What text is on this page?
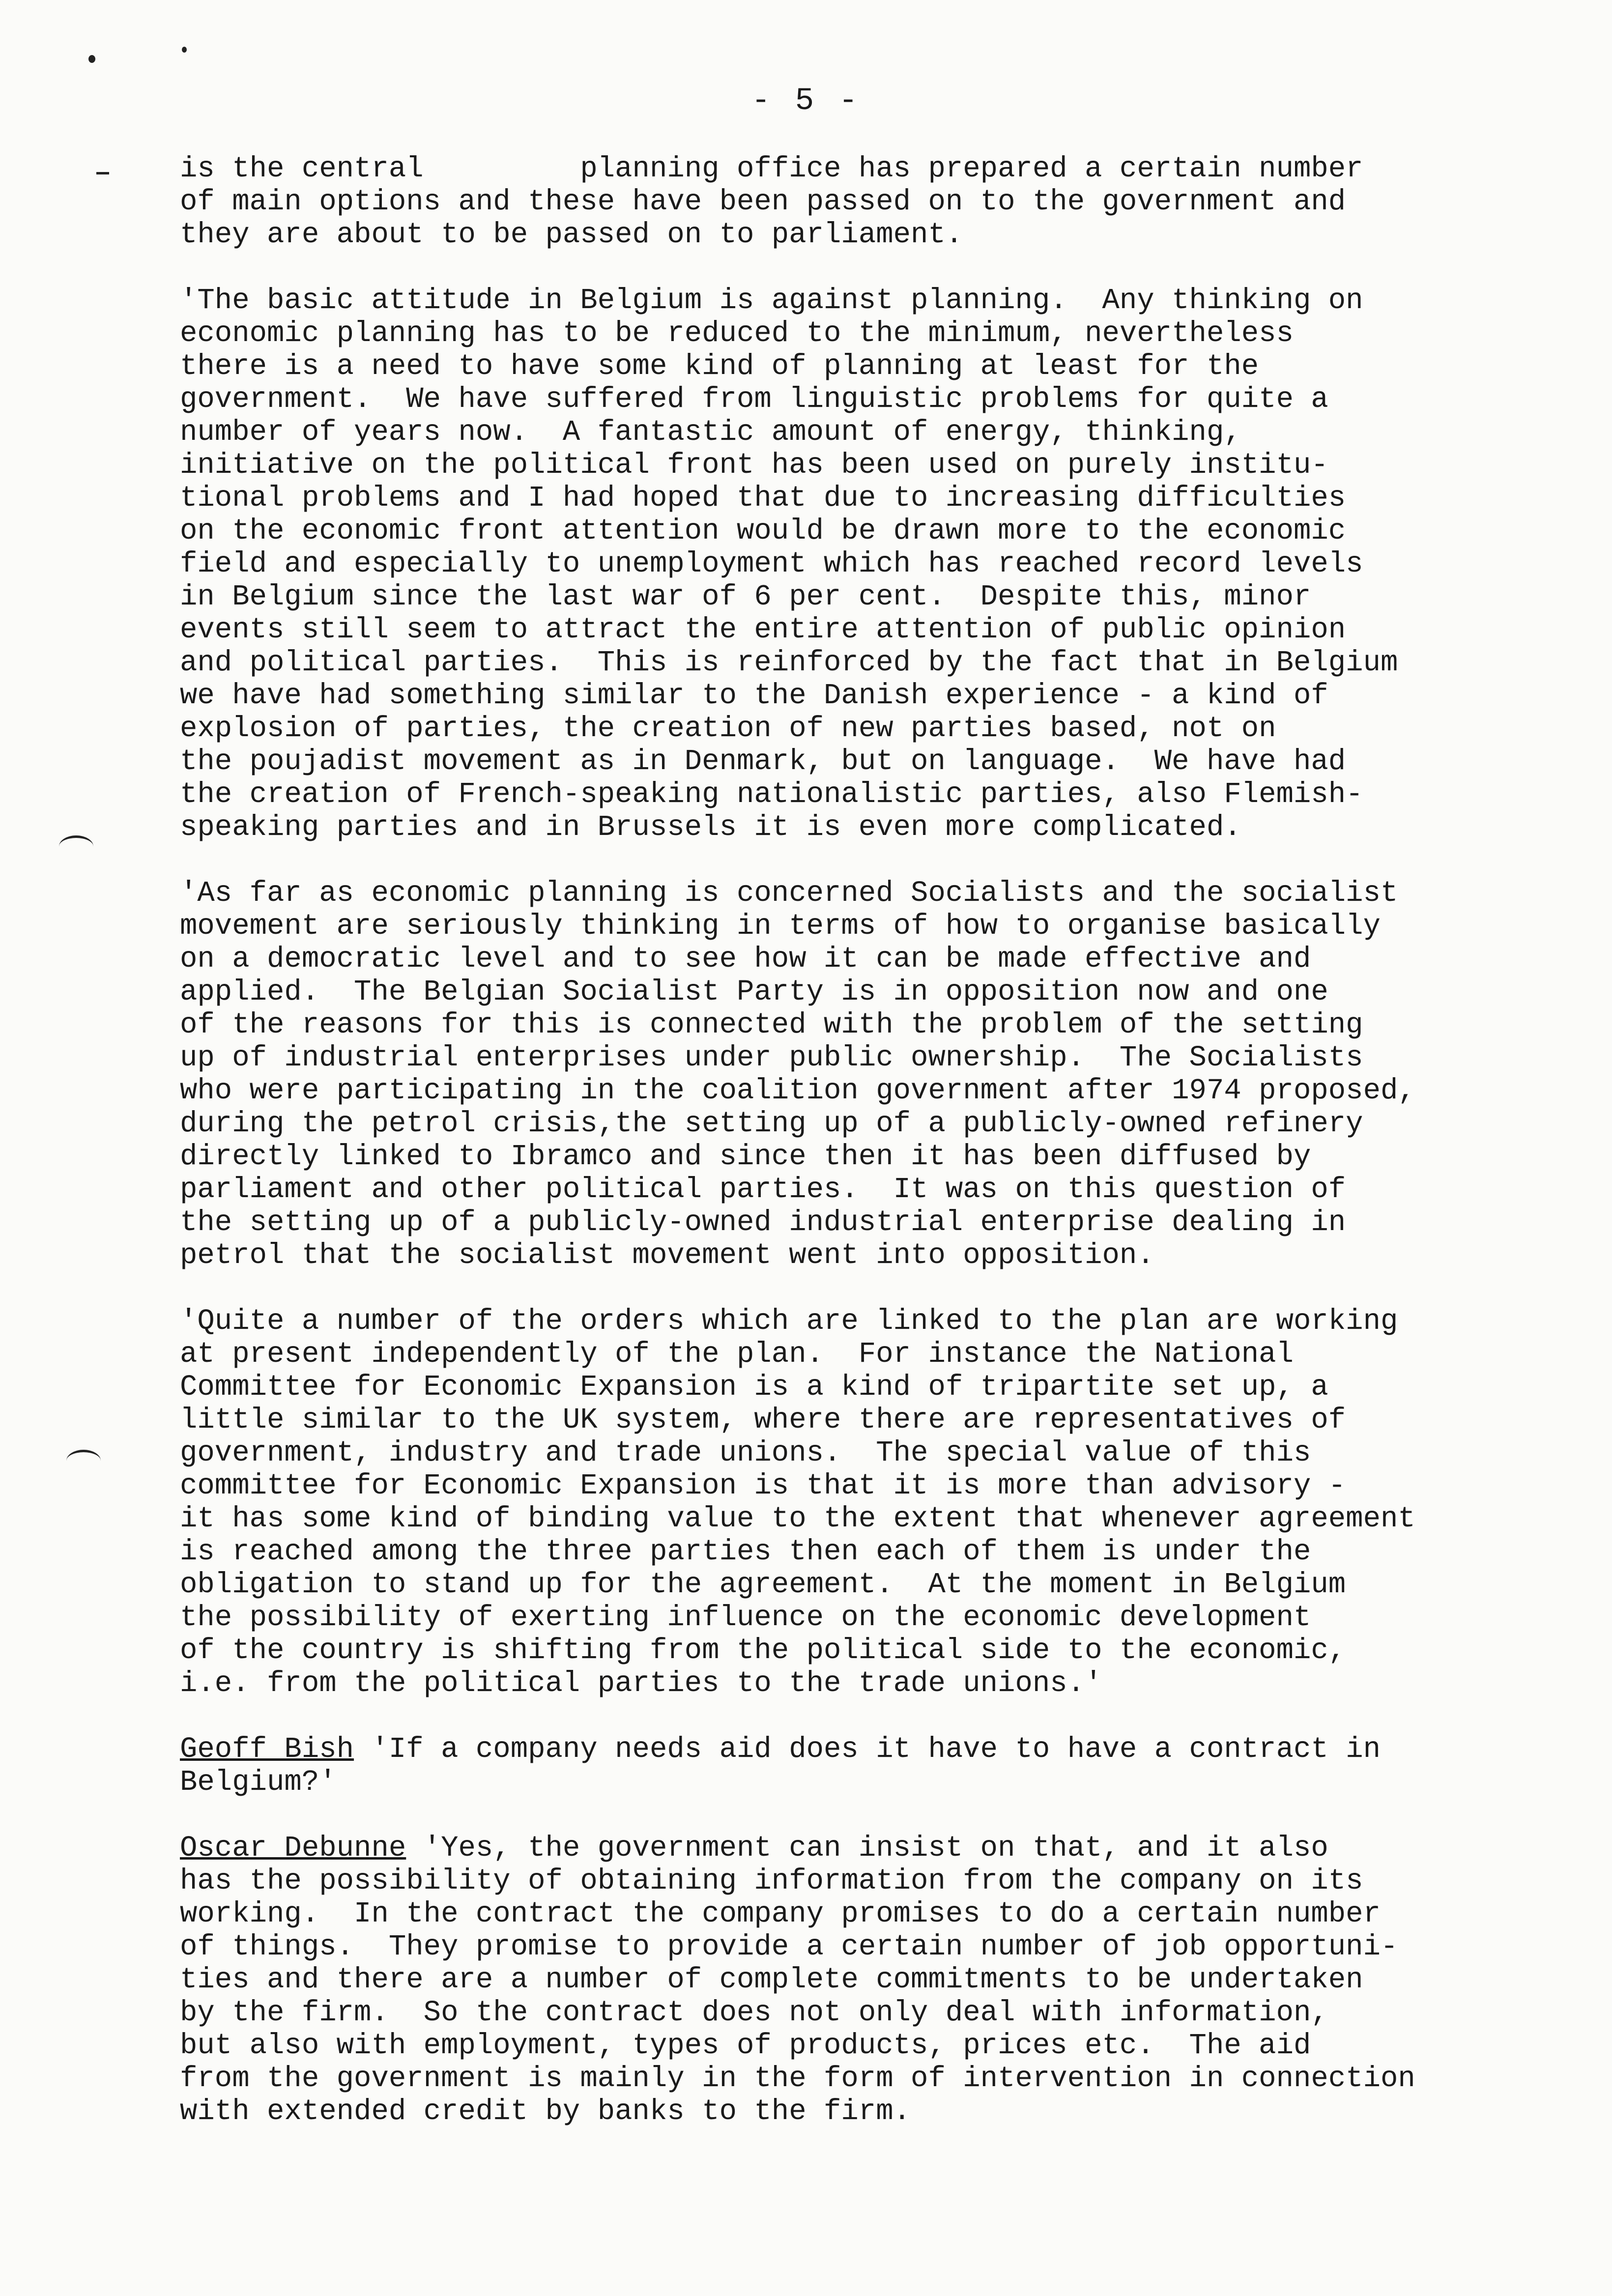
- 5 -
is the central         planning office has prepared a certain number
of main options and these have been passed on to the government and
they are about to be passed on to parliament.
'The basic attitude in Belgium is against planning.  Any thinking on
economic planning has to be reduced to the minimum, nevertheless
there is a need to have some kind of planning at least for the
government.  We have suffered from linguistic problems for quite a
number of years now.  A fantastic amount of energy, thinking,
initiative on the political front has been used on purely institu-
tional problems and I had hoped that due to increasing difficulties
on the economic front attention would be drawn more to the economic
field and especially to unemployment which has reached record levels
in Belgium since the last war of 6 per cent.  Despite this, minor
events still seem to attract the entire attention of public opinion
and political parties.  This is reinforced by the fact that in Belgium
we have had something similar to the Danish experience - a kind of
explosion of parties, the creation of new parties based, not on
the poujadist movement as in Denmark, but on language.  We have had
the creation of French-speaking nationalistic parties, also Flemish-
speaking parties and in Brussels it is even more complicated.
'As far as economic planning is concerned Socialists and the socialist
movement are seriously thinking in terms of how to organise basically
on a democratic level and to see how it can be made effective and
applied.  The Belgian Socialist Party is in opposition now and one
of the reasons for this is connected with the problem of the setting
up of industrial enterprises under public ownership.  The Socialists
who were participating in the coalition government after 1974 proposed,
during the petrol crisis,the setting up of a publicly-owned refinery
directly linked to Ibramco and since then it has been diffused by
parliament and other political parties.  It was on this question of
the setting up of a publicly-owned industrial enterprise dealing in
petrol that the socialist movement went into opposition.
'Quite a number of the orders which are linked to the plan are working
at present independently of the plan.  For instance the National
Committee for Economic Expansion is a kind of tripartite set up, a
little similar to the UK system, where there are representatives of
government, industry and trade unions.  The special value of this
committee for Economic Expansion is that it is more than advisory -
it has some kind of binding value to the extent that whenever agreement
is reached among the three parties then each of them is under the
obligation to stand up for the agreement.  At the moment in Belgium
the possibility of exerting influence on the economic development
of the country is shifting from the political side to the economic,
i.e. from the political parties to the trade unions.'
Geoff Bish 'If a company needs aid does it have to have a contract in
Belgium?'
Oscar Debunne 'Yes, the government can insist on that, and it also
has the possibility of obtaining information from the company on its
working.  In the contract the company promises to do a certain number
of things.  They promise to provide a certain number of job opportuni-
ties and there are a number of complete commitments to be undertaken
by the firm.  So the contract does not only deal with information,
but also with employment, types of products, prices etc.  The aid
from the government is mainly in the form of intervention in connection
with extended credit by banks to the firm.
